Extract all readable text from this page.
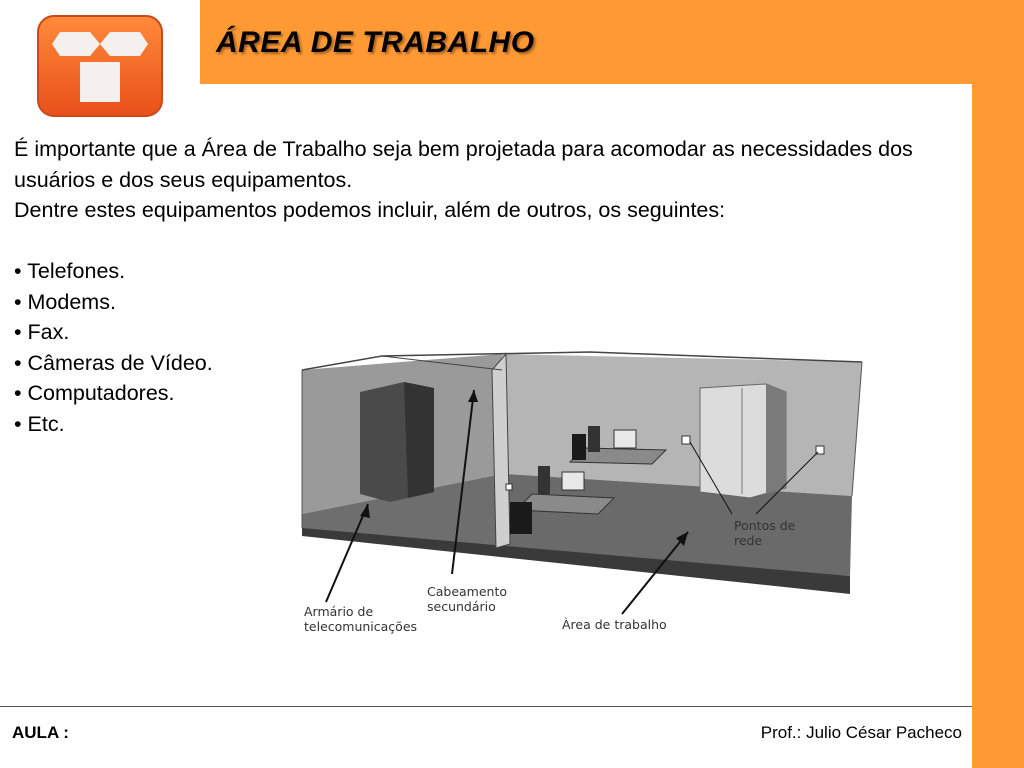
ÁREA DE TRABALHO

É importante que a Área de Trabalho seja bem projetada para acomodar as necessidades dos usuários e dos seus equipamentos.

Dentre estes equipamentos podemos incluir, além de outros, os seguintes:

• Telefones.
• Modems.
• Fax.
• Câmeras de Vídeo.
• Computadores.
• Etc.
Armário de
telecomunicações
Cabeamento
secundário
Àrea de trabalho
Pontos de
rede
AULA :	Prof.: Julio César Pacheco
